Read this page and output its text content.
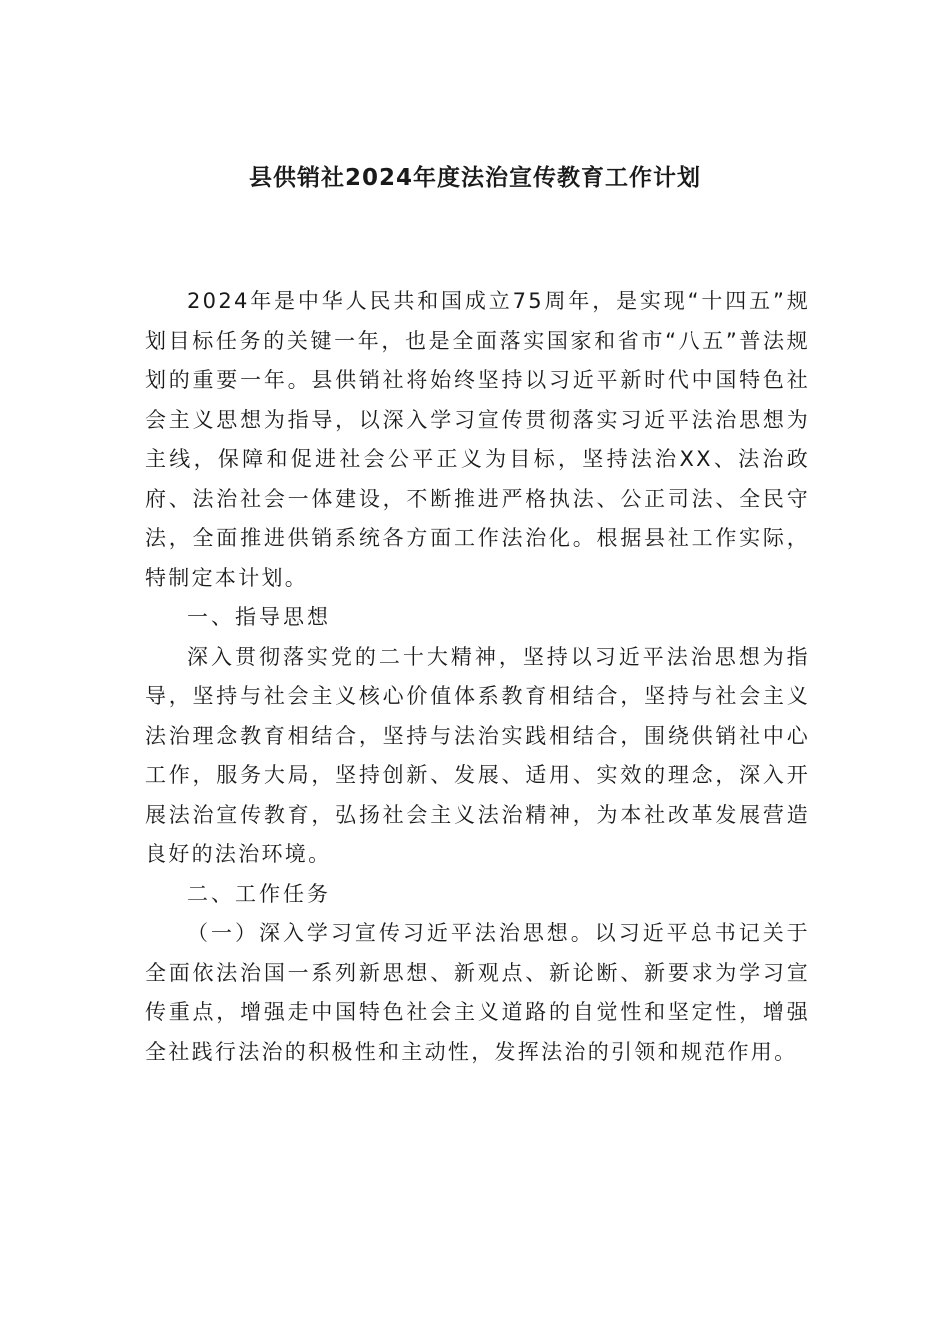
县供销社2024年度法治宣传教育工作计划

2024年是中华人民共和国成立75周年，是实现“十四五”规划目标任务的关键一年，也是全面落实国家和省市“八五”普法规划的重要一年。县供销社将始终坚持以习近平新时代中国特色社会主义思想为指导，以深入学习宣传贯彻落实习近平法治思想为主线，保障和促进社会公平正义为目标，坚持法治XX、法治政府、法治社会一体建设，不断推进严格执法、公正司法、全民守法，全面推进供销系统各方面工作法治化。根据县社工作实际，特制定本计划。

一、指导思想

深入贯彻落实党的二十大精神，坚持以习近平法治思想为指导，坚持与社会主义核心价值体系教育相结合，坚持与社会主义法治理念教育相结合，坚持与法治实践相结合，围绕供销社中心工作，服务大局，坚持创新、发展、适用、实效的理念，深入开展法治宣传教育，弘扬社会主义法治精神，为本社改革发展营造良好的法治环境。

二、工作任务

（一）深入学习宣传习近平法治思想。以习近平总书记关于全面依法治国一系列新思想、新观点、新论断、新要求为学习宣传重点，增强走中国特色社会主义道路的自觉性和坚定性，增强全社践行法治的积极性和主动性，发挥法治的引领和规范作用。
